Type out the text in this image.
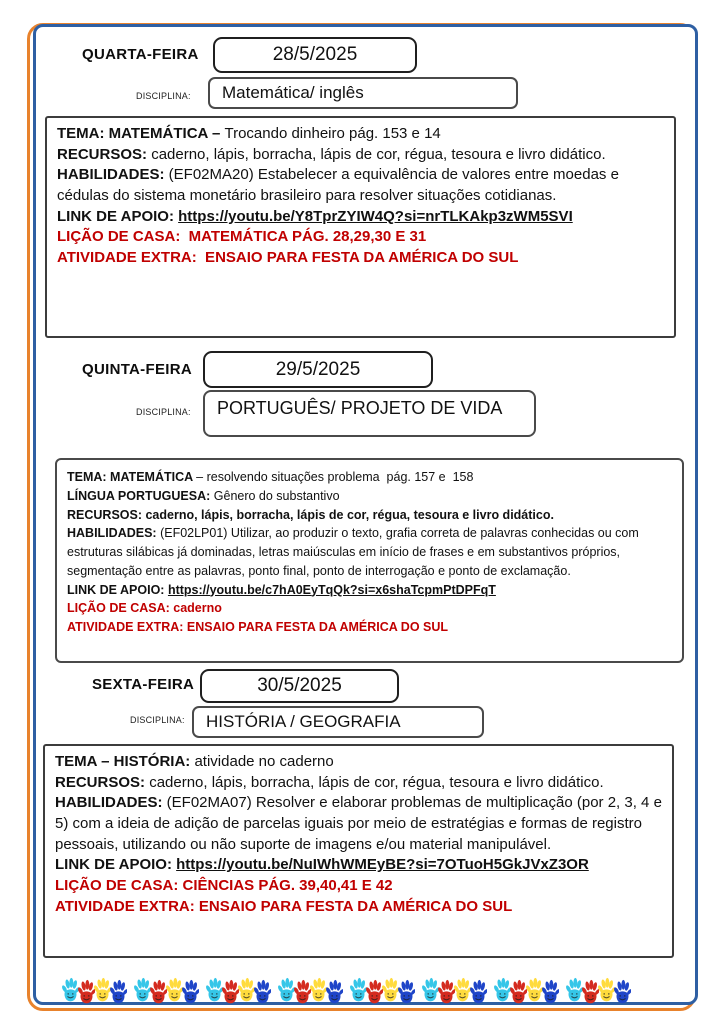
QUARTA-FEIRA	28/5/2025
DISCIPLINA: Matemática/ inglês
TEMA: MATEMÁTICA – Trocando dinheiro pág. 153 e 14
RECURSOS: caderno, lápis, borracha, lápis de cor, régua, tesoura e livro didático.
HABILIDADES: (EF02MA20) Estabelecer a equivalência de valores entre moedas e cédulas do sistema monetário brasileiro para resolver situações cotidianas.
LINK DE APOIO: https://youtu.be/Y8TprZYIW4Q?si=nrTLKAkp3zWM5SVI
LIÇÃO DE CASA:  MATEMÁTICA PÁG. 28,29,30 E 31
ATIVIDADE EXTRA:  ENSAIO PARA FESTA DA AMÉRICA DO SUL
QUINTA-FEIRA	29/5/2025
DISCIPLINA: PORTUGUÊS/ PROJETO DE VIDA
TEMA: MATEMÁTICA – resolvendo situações problema  pág. 157 e  158
LÍNGUA PORTUGUESA: Gênero do substantivo
RECURSOS: caderno, lápis, borracha, lápis de cor, régua, tesoura e livro didático.
HABILIDADES: (EF02LP01) Utilizar, ao produzir o texto, grafia correta de palavras conhecidas ou com estruturas silábicas já dominadas, letras maiúsculas em início de frases e em substantivos próprios, segmentação entre as palavras, ponto final, ponto de interrogação e ponto de exclamação.
LINK DE APOIO: https://youtu.be/c7hA0EyTqQk?si=x6shaTcpmPtDPFqT
LIÇÃO DE CASA: caderno
ATIVIDADE EXTRA: ENSAIO PARA FESTA DA AMÉRICA DO SUL
SEXTA-FEIRA	30/5/2025
DISCIPLINA: HISTÓRIA / GEOGRAFIA
TEMA – HISTÓRIA: atividade no caderno
RECURSOS: caderno, lápis, borracha, lápis de cor, régua, tesoura e livro didático.
HABILIDADES: (EF02MA07) Resolver e elaborar problemas de multiplicação (por 2, 3, 4 e 5) com a ideia de adição de parcelas iguais por meio de estratégias e formas de registro pessoais, utilizando ou não suporte de imagens e/ou material manipulável.
LINK DE APOIO: https://youtu.be/NuIWhWMEyBE?si=7OTuoH5GkJVxZ3OR
LIÇÃO DE CASA: CIÊNCIAS PÁG. 39,40,41 E 42
ATIVIDADE EXTRA: ENSAIO PARA FESTA DA AMÉRICA DO SUL
